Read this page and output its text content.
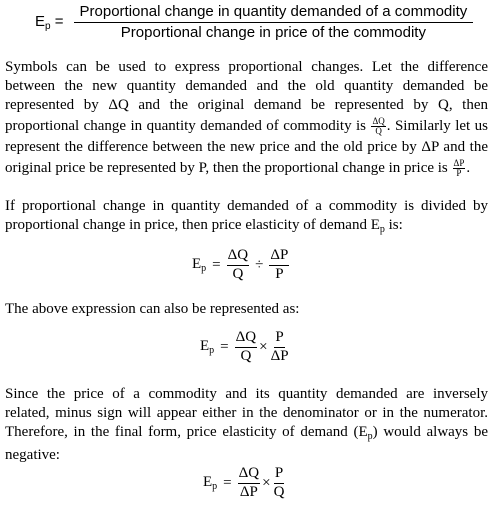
$E_p = \frac{\text{Proportional change in quantity demanded of a commodity}}{\text{Proportional change in price of the commodity}}$
Symbols can be used to express proportional changes. Let the difference
between the new quantity demanded and the old quantity demanded be
represented by ΔQ and the original demand be represented by Q, then
proportional change in quantity demanded of commodity is $\frac{\Delta Q}{Q}$ . Similarly let us
represent the difference between the new price and the old price by ΔP and the
original price be represented by P, then the proportional change in price is $\frac{\Delta P}{P}$ .
If proportional change in quantity demanded of a commodity is divided by
proportional change in price, then price elasticity of demand $E_p$ is:
$E_p = \frac{\Delta Q}{Q} \div \frac{\Delta P}{P}$
The above expression can also be represented as:
$E_p = \frac{\Delta Q}{Q} \times \frac{P}{\Delta P}$
Since the price of a commodity and its quantity demanded are inversely
related, minus sign will appear either in the denominator or in the numerator.
Therefore, in the final form, price elasticity of demand $(E_p)$ would always be
negative:
$E_p = \frac{\Delta Q}{\Delta P} \times \frac{P}{Q}$
